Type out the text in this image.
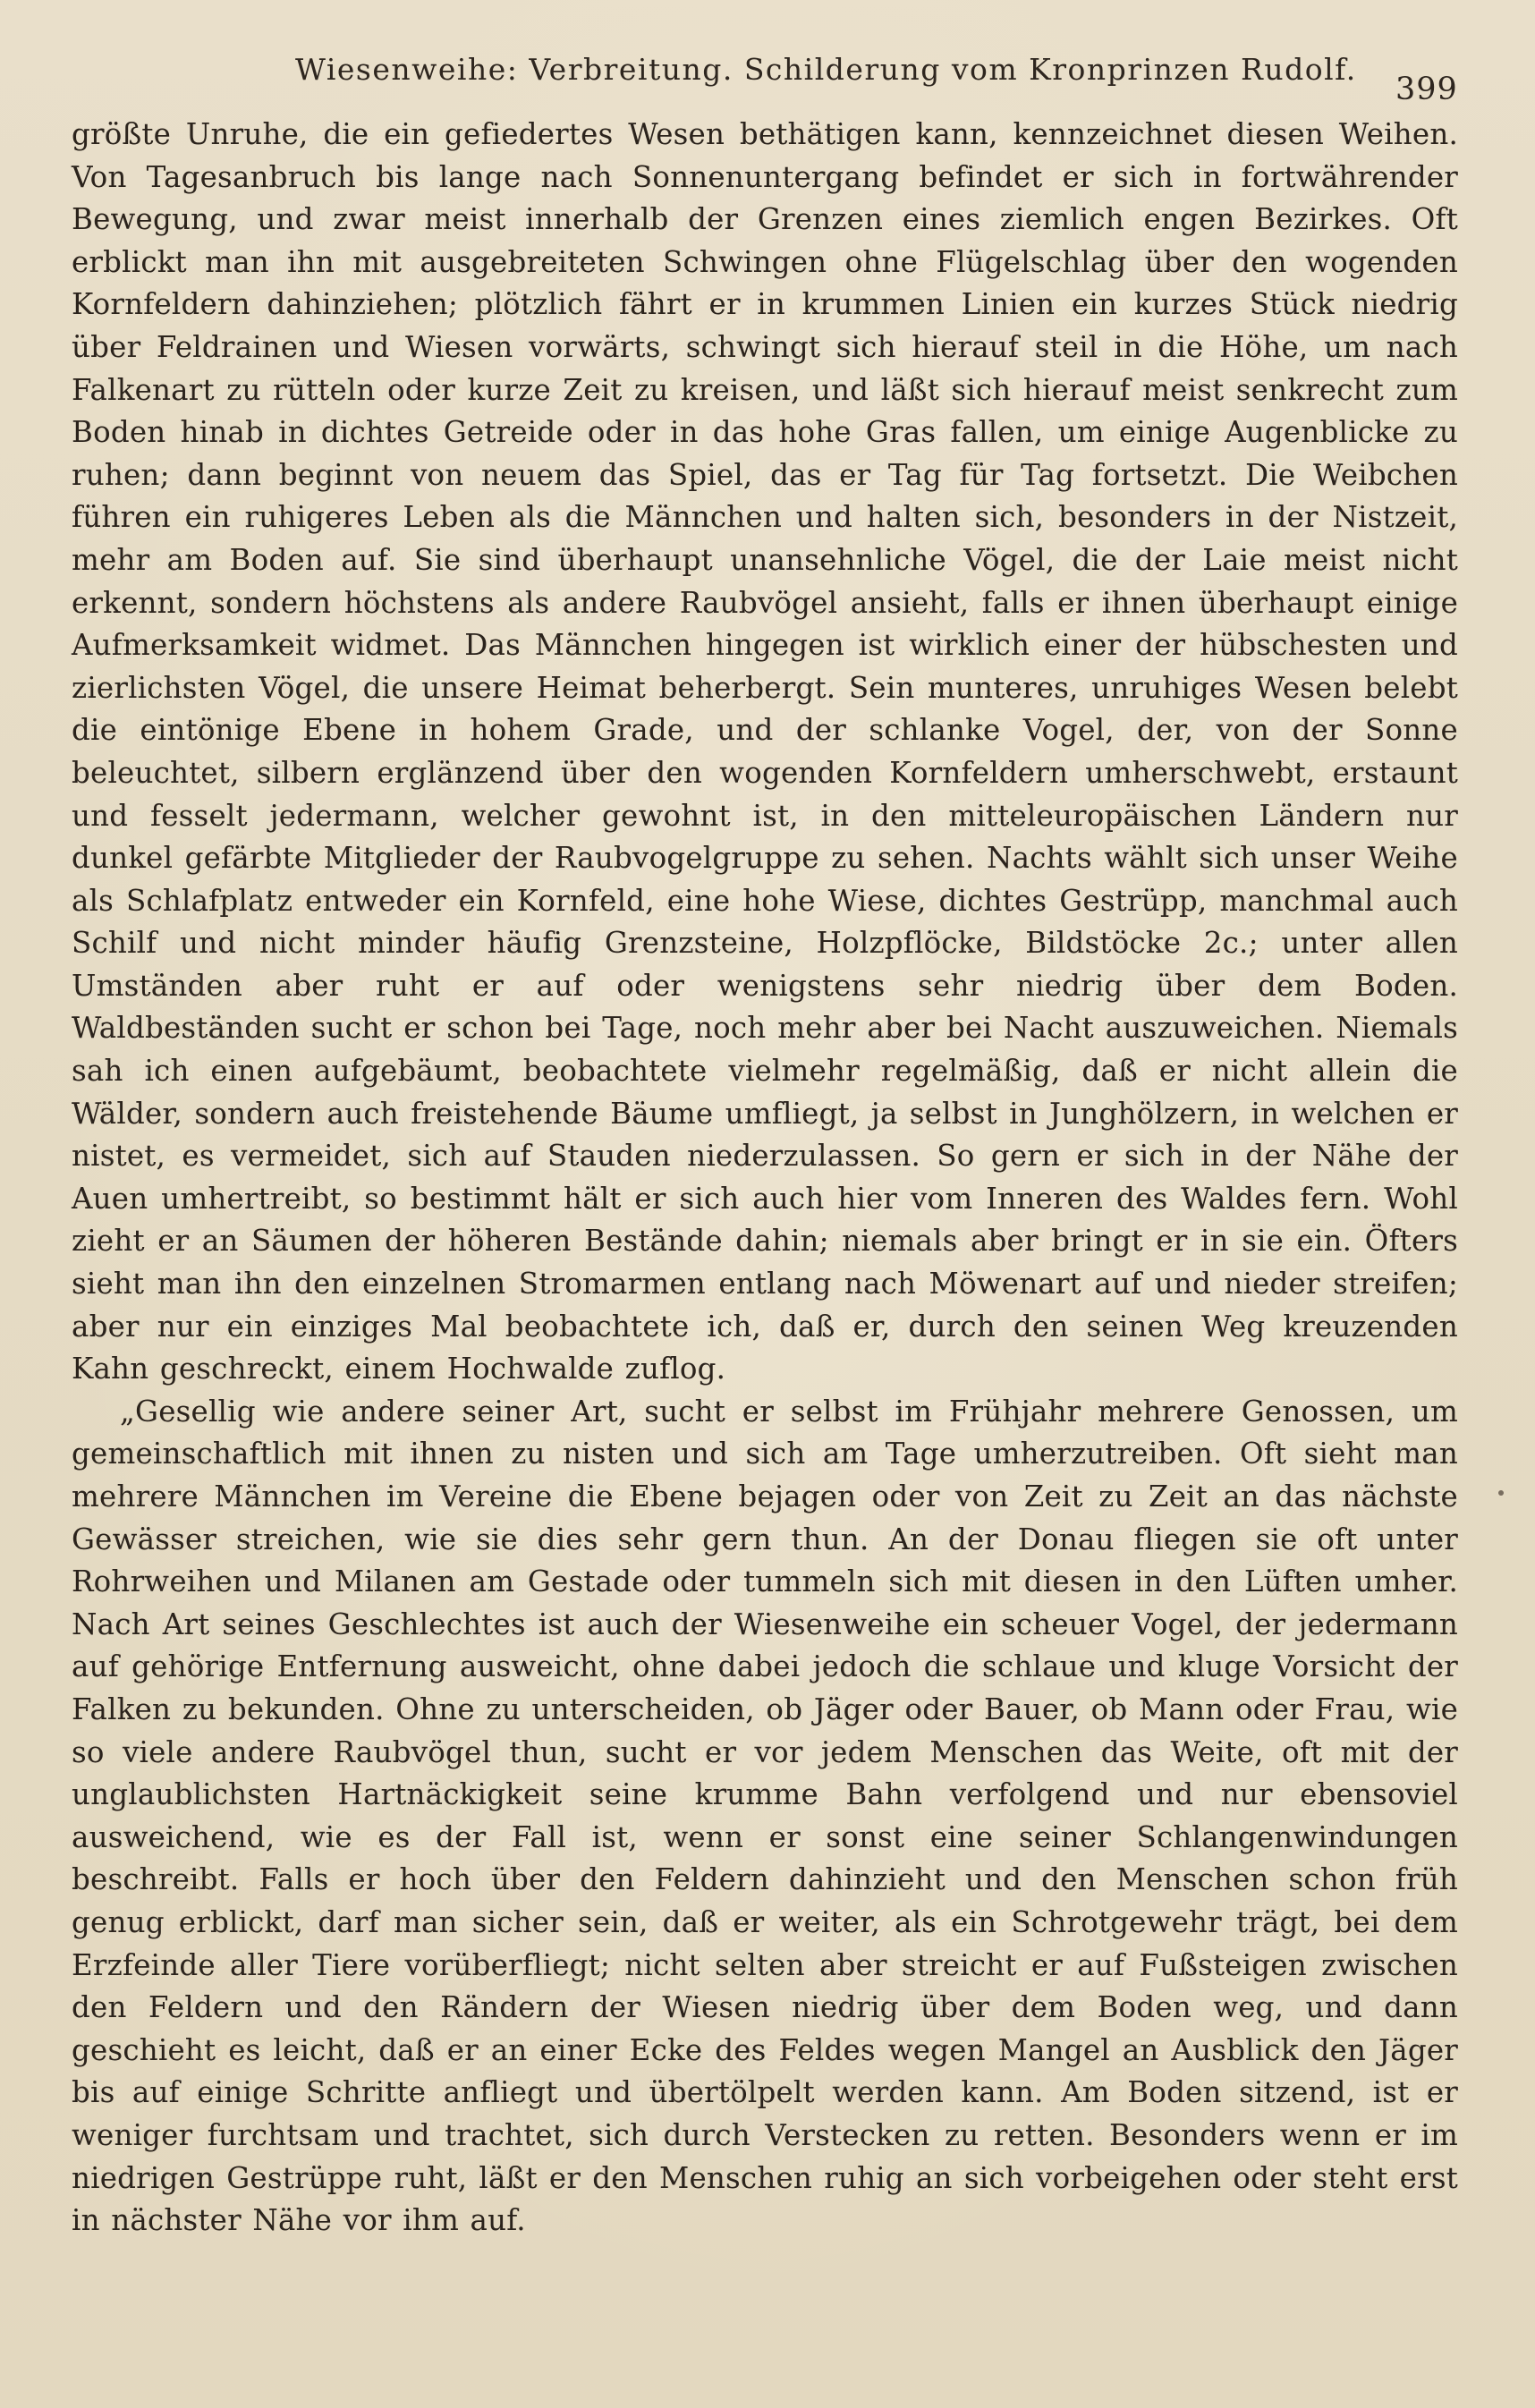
Wiesenweihe: Verbreitung. Schilderung vom Kronprinzen Rudolf.
399

größte Unruhe, die ein gefiedertes Wesen bethätigen kann, kennzeichnet diesen Weihen. Von Tagesanbruch bis lange nach Sonnenuntergang befindet er sich in fortwährender Bewegung, und zwar meist innerhalb der Grenzen eines ziemlich engen Bezirkes. Oft erblickt man ihn mit ausgebreiteten Schwingen ohne Flügelschlag über den wogenden Kornfeldern dahinziehen; plötzlich fährt er in krummen Linien ein kurzes Stück niedrig über Feldrainen und Wiesen vorwärts, schwingt sich hierauf steil in die Höhe, um nach Falkenart zu rütteln oder kurze Zeit zu kreisen, und läßt sich hierauf meist senkrecht zum Boden hinab in dichtes Getreide oder in das hohe Gras fallen, um einige Augenblicke zu ruhen; dann beginnt von neuem das Spiel, das er Tag für Tag fortsetzt. Die Weibchen führen ein ruhigeres Leben als die Männchen und halten sich, besonders in der Nistzeit, mehr am Boden auf. Sie sind überhaupt unansehnliche Vögel, die der Laie meist nicht erkennt, sondern höchstens als andere Raubvögel ansieht, falls er ihnen überhaupt einige Aufmerksamkeit widmet. Das Männchen hingegen ist wirklich einer der hübschesten und zierlichsten Vögel, die unsere Heimat beherbergt. Sein munteres, unruhiges Wesen belebt die eintönige Ebene in hohem Grade, und der schlanke Vogel, der, von der Sonne beleuchtet, silbern erglänzend über den wogenden Kornfeldern umherschwebt, erstaunt und fesselt jedermann, welcher gewohnt ist, in den mitteleuropäischen Ländern nur dunkel gefärbte Mitglieder der Raubvogelgruppe zu sehen. Nachts wählt sich unser Weihe als Schlafplatz entweder ein Kornfeld, eine hohe Wiese, dichtes Gestrüpp, manchmal auch Schilf und nicht minder häufig Grenzsteine, Holzpflöcke, Bildstöcke 2c.; unter allen Umständen aber ruht er auf oder wenigstens sehr niedrig über dem Boden. Waldbeständen sucht er schon bei Tage, noch mehr aber bei Nacht auszuweichen. Niemals sah ich einen aufgebäumt, beobachtete vielmehr regelmäßig, daß er nicht allein die Wälder, sondern auch freistehende Bäume umfliegt, ja selbst in Junghölzern, in welchen er nistet, es vermeidet, sich auf Stauden niederzulassen. So gern er sich in der Nähe der Auen umhertreibt, so bestimmt hält er sich auch hier vom Inneren des Waldes fern. Wohl zieht er an Säumen der höheren Bestände dahin; niemals aber bringt er in sie ein. Öfters sieht man ihn den einzelnen Stromarmen entlang nach Möwenart auf und nieder streifen; aber nur ein einziges Mal beobachtete ich, daß er, durch den seinen Weg kreuzenden Kahn geschreckt, einem Hochwalde zuflog.

„Gesellig wie andere seiner Art, sucht er selbst im Frühjahr mehrere Genossen, um gemeinschaftlich mit ihnen zu nisten und sich am Tage umherzutreiben. Oft sieht man mehrere Männchen im Vereine die Ebene bejagen oder von Zeit zu Zeit an das nächste Gewässer streichen, wie sie dies sehr gern thun. An der Donau fliegen sie oft unter Rohrweihen und Milanen am Gestade oder tummeln sich mit diesen in den Lüften umher. Nach Art seines Geschlechtes ist auch der Wiesenweihe ein scheuer Vogel, der jedermann auf gehörige Entfernung ausweicht, ohne dabei jedoch die schlaue und kluge Vorsicht der Falken zu bekunden. Ohne zu unterscheiden, ob Jäger oder Bauer, ob Mann oder Frau, wie so viele andere Raubvögel thun, sucht er vor jedem Menschen das Weite, oft mit der unglaublichsten Hartnäckigkeit seine krumme Bahn verfolgend und nur ebensoviel ausweichend, wie es der Fall ist, wenn er sonst eine seiner Schlangenwindungen beschreibt. Falls er hoch über den Feldern dahinzieht und den Menschen schon früh genug erblickt, darf man sicher sein, daß er weiter, als ein Schrotgewehr trägt, bei dem Erzfeinde aller Tiere vorüberfliegt; nicht selten aber streicht er auf Fußsteigen zwischen den Feldern und den Rändern der Wiesen niedrig über dem Boden weg, und dann geschieht es leicht, daß er an einer Ecke des Feldes wegen Mangel an Ausblick den Jäger bis auf einige Schritte anfliegt und übertölpelt werden kann. Am Boden sitzend, ist er weniger furchtsam und trachtet, sich durch Verstecken zu retten. Besonders wenn er im niedrigen Gestrüppe ruht, läßt er den Menschen ruhig an sich vorbeigehen oder steht erst in nächster Nähe vor ihm auf.
